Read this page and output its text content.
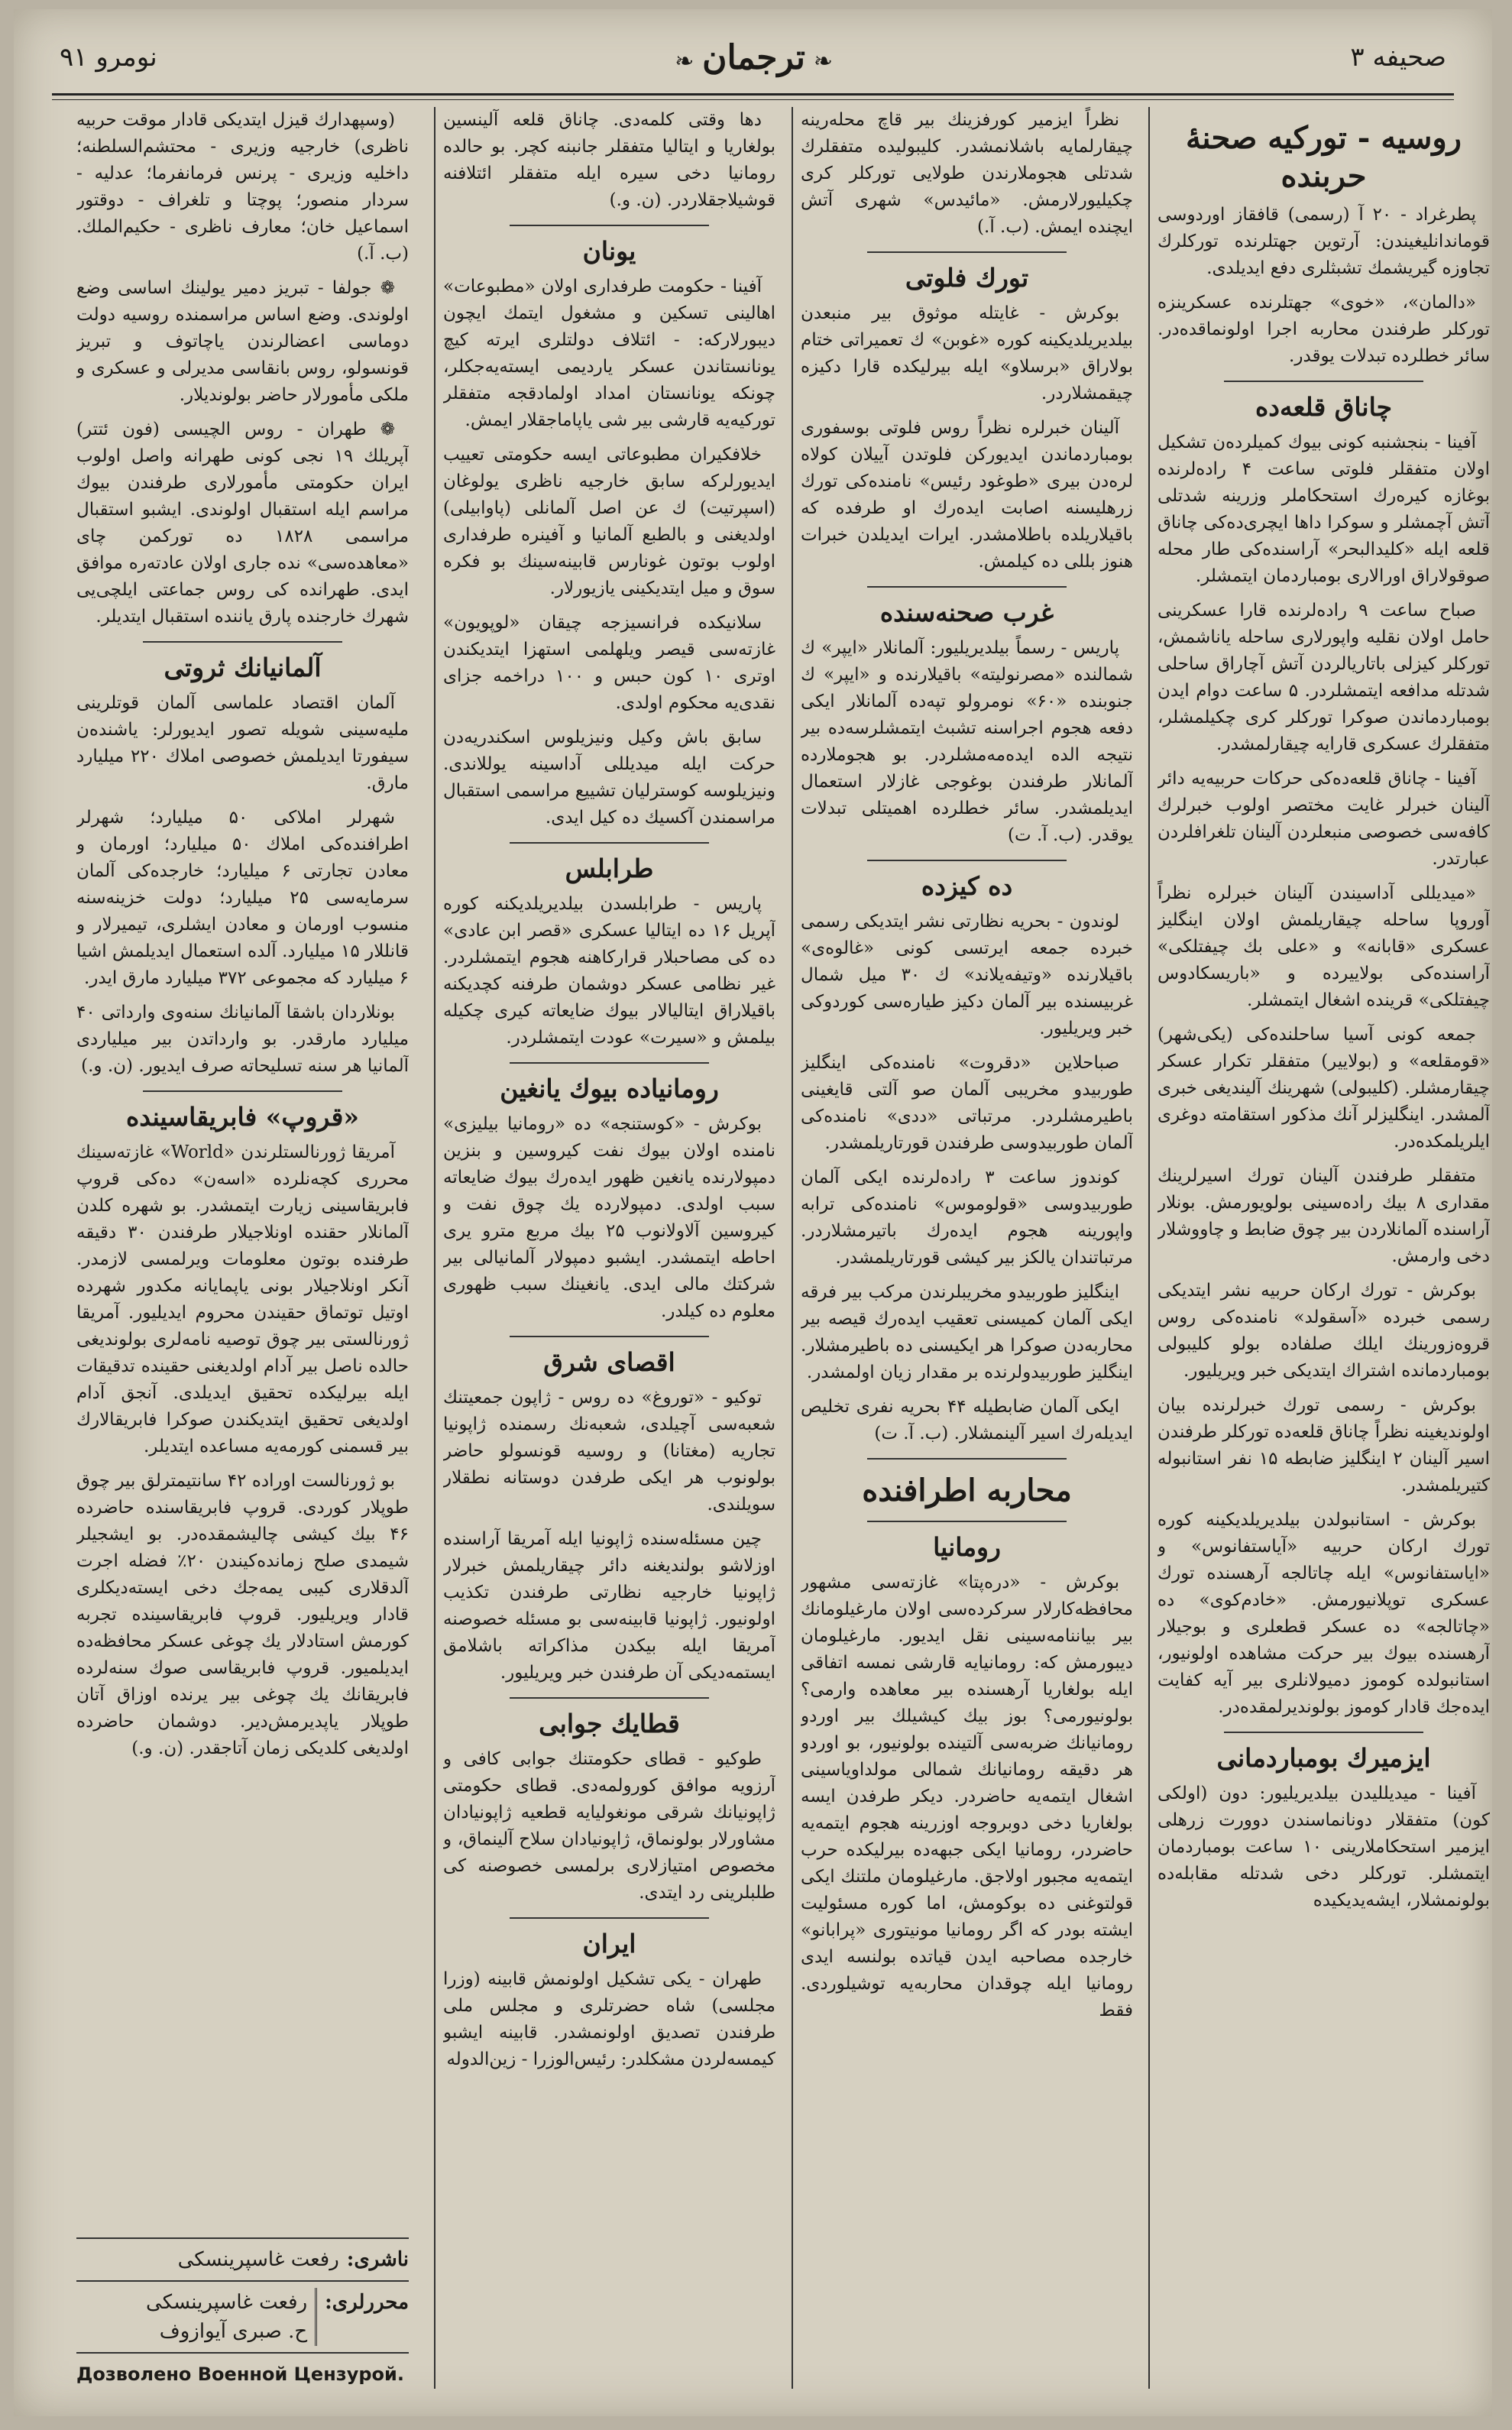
نومرو ۹۱	❧ ترجمان ❧	صحیفه ۳
روسیه - تورکیه صحنه‌ٔ حربنده

پطرغراد - ۲۰ آ (رسمی) قافقاز اوردوسی قوماندانلیغیندن: آرتوین جهتلرنده تورکلرك تجاوزه گیریشمك تشبثلری دفع ایدیلدی.

«دالمان»، «خوی» جهتلرنده عسکرینزه تورکلر طرفندن محاربه اجرا اولونماقده‌در. سائر خطلرده تبدلات یوقدر.

چاناق قلعه‌ده

آفینا - بنجشنبه کونی بیوك کمیلرده‌ن تشکیل اولان متفقلر فلوتی ساعت ۴ راده‌لرنده بوغازه کیره‌رك استحکاملر وزرینه شدتلی آتش آچمشلر و سوکرا داها ایچری‌ده‌کی چاناق قلعه ایله «کلیدالبحر» آراسنده‌کی طار محله صوقولاراق اورالاری بومباردمان ایتمشلر.

صباح ساعت ۹ راده‌لرنده قارا عسکرینی حامل اولان نقلیه واپورلاری ساحله یاناشمش، تورکلر کیزلی باتاریالردن آتش آچاراق ساحلی شدتله مدافعه ایتمشلردر. ۵ ساعت دوام ایدن بومباردماندن صوکرا تورکلر کری چکیلمشلر، متفقلرك عسکری قارایه چیقارلمشدر.

آفینا - چاناق قلعه‌ده‌کی حرکات حربیه‌یه دائر آلینان خبرلر غایت مختصر اولوب خبرلرك کافه‌سی خصوصی منبعلردن آلینان تلغرافلردن عبارتدر.

«میدیللی آداسیندن آلینان خبرلره نظراً آوروپا ساحله چیقاریلمش اولان اینگلیز عسکری «قابانه» و «علی بك چیفتلکی» آراسنده‌کی بولاییرده و «باریسکادوس چیفتلکی» قرینده اشغال ایتمشلر.

جمعه کونی آسیا ساحلنده‌کی (یکی‌شهر) «قومقلعه» و (بولاییر) متفقلر تکرار عسکر چیقارمشلر. (کلیبولی) شهرینك آلیندیغی خبری آلمشدر. اینگلیزلر آنك مذکور استقامته دوغری ایلریلمکده‌در.

متفقلر طرفندن آلینان تورك اسیرلرینك مقداری ۸ بیك راده‌سینی بولویورمش. بونلار آراسنده آلمانلاردن بیر چوق ضابط و چاووشلار دخی وارمش.

بوکرش - تورك ارکان حربیه نشر ایتدیکی رسمی خبرده «آسقولد» نامنده‌کی روس قروه‌زورینك ایلك صلفاده بولو کلیبولی بومباردمانده اشتراك ایتدیکی خبر ویریلیور.

بوکرش - رسمی تورك خبرلرنده بیان اولوندیغینه نظراً چاناق قلعه‌ده تورکلر طرفندن اسیر آلینان ۲ اینگلیز ضابطه ۱۵ نفر استانبوله کتیریلمشدر.

بوکرش - استانبولدن بیلدیریلدیکینه کوره تورك ارکان حربیه «آیاستفانوس» و «ایاستفانوس» ایله چاتالجه آرهسنده تورك عسکری توپلانیورمش. «خادم‌کوی» ده «چاتالجه» ده عسکر قطعلری و بوجیلار آرهسنده بیوك بیر حرکت مشاهده اولونیور، استانبولده کوموز دمیولانلری بیر آیه کفایت ایده‌جك قادار کوموز بولوندیرلمقده‌در.

ایزمیرك بومباردمانی

آفینا - میدیللیدن بیلدیریلیور: دون (اولکی کون) متفقلار دونانماسندن دوورت زرهلی ایزمیر استحکاملارینی ۱۰ ساعت بومباردمان ایتمشلر. تورکلر دخی شدتله مقابله‌ده بولونمشلار، ایشه‌یدیکیده

نظراً ایزمیر کورفزینك بیر قاچ محله‌رینه چیقارلمایه باشلانمشدر. کلیبولیده متفقلرك شدتلی هجوملارندن طولایی تورکلر کری چکیلیورلارمش. «مائیدس» شهری آتش ایچنده ایمش. (ب. آ.)

تورك فلوتی

بوکرش - غایتله موثوق بیر منبعدن بیلدیریلدیکینه کوره «غوبن» ك تعمیراتی ختام بولاراق «برسلاو» ایله بیرلیکده قارا دکیزه چیقمشلاردر.

آلینان خبرلره نظراً روس فلوتی بوسفوری بومباردماندن ایدیورکن فلوتدن آییلان کولاه لره‌دن بیری «طوغود رئیس» نامنده‌کی تورك زرهلیسنه اصابت ایده‌رك او طرفده که باقیلاریلده باطلامشدر. ایرات ایدیلدن خبرات هنوز بللی ده کیلمش.

غرب صحنه‌سنده

پاریس - رسماً بیلدیریلیور: آلمانلار «ایپر» ك شمالنده «مصرنولیته» باقیلارنده و «ایپر» ك جنوبنده «۶۰» نومرولو تپه‌ده آلمانلار ایکی دفعه هجوم اجراسنه تشبث ایتمشلرسه‌ده بیر نتیجه الده ایده‌مه‌مشلردر. بو هجوملارده آلمانلار طرفندن بوغوجی غازلار استعمال ایدیلمشدر. سائر خطلرده اهمیتلی تبدلات یوقدر. (ب. آ. ت)

ده کیزده

لوندون - بحریه نظارتی نشر ایتدیکی رسمی خبرده جمعه ایرتسی کونی «غالوه‌ی» باقیلارنده «وتیفه‌یلاند» ك ۳۰ میل شمال غربیسنده بیر آلمان دکیز طیاره‌سی کوردوکی خبر ویریلیور.

صباحلاین «دقروت» نامنده‌کی اینگلیز طوربیدو مخریبی آلمان صو آلتی قایغینی باطیرمشلردر. مرتباتی «ددی» نامنده‌کی آلمان طوربیدوسی طرفندن قورتاریلمشدر.

کوندوز ساعت ۳ راده‌لرنده ایکی آلمان طوربیدوسی «قولوموس» نامنده‌کی ترابه واپورینه هجوم ایده‌رك باتیرمشلاردر. مرتباتندان یالکز بیر کیشی قورتاریلمشدر.

اینگلیز طوربیدو مخریبلرندن مرکب بیر فرقه ایکی آلمان کمیسنی تعقیب ایده‌رك قیصه بیر محاربه‌دن صوکرا هر ایکیسنی ده باطیرمشلار. اینگلیز طوربیدولرنده بر مقدار زیان اولمشدر.

ایکی آلمان ضابطیله ۴۴ بحریه نفری تخلیص ایدیله‌رك اسیر آلینمشلار. (ب. آ. ت)

محاربه اطرافنده
رومانیا

بوکرش - «دره‌پتا» غازته‌سی مشهور محافظه‌کارلار سرکرده‌سی اولان مارغیلومانك بیر بیاننامه‌سینی نقل ایدیور. مارغیلومان دیبورمش که: رومانیایه قارشی نمسه اتفاقی ایله بولغاریا آرهسنده بیر معاهده وارمی؟ بولونیورمی؟ بوز بیك کیشیلك بیر اوردو رومانیانك ضربه‌سی آلتینده بولونیور، بو اوردو هر دقیقه رومانیانك شمالی مولداویاسینی اشغال ایتمه‌یه حاضردر. دیکر طرفدن ایسه بولغاریا دخی دوبروجه اوزرینه هجوم ایتمه‌یه حاضردر، رومانیا ایکی جبهه‌ده بیرلیکده حرب ایتمه‌یه مجبور اولاجق. مارغیلومان ملتنك ایکی قولتوغنی ده بوکومش، اما کوره مسئولیت ایشته بودر که اگر رومانیا مونیتوری «پرابانو» خارجده مصاحبه ایدن قیاتده بولنسه ایدی رومانیا ایله چوقدان محاربه‌یه توشیلوردی. فقط

دها وقتی کلمه‌دی. چاناق قلعه آلینسین بولغاریا و ایتالیا متفقلر جانبنه کچر. بو حالده رومانیا دخی سیره ایله متفقلر ائتلافنه قوشیلاجقلاردر. (ن. و.)

یونان

آفینا - حکومت طرفداری اولان «مطبوعات» اهالینی تسکین و مشغول ایتمك ایچون دیبورلارکه: - ائتلاف دولتلری ایرته کیچ یونانستاندن عسکر یاردیمی ایسته‌یه‌جکلر، چونکه یونانستان امداد اولمادقجه متفقلر تورکیه‌یه قارشی بیر شی یاپاماجقلار ایمش.

خلافکیران مطبوعاتی ایسه حکومتی تعییب ایدیورلرکه سابق خارجیه ناظری یولوغان (اسپرتیت) ك عن اصل آلمانلی (پاوابیلی) اولدیغنی و بالطبع آلمانیا و آفینره طرفداری اولوب بوتون غونارس قابینه‌سینك بو فکره سوق و میل ایتدیکینی یازیورلار.

سلانیکده فرانسیزجه چیقان «لوپویون» غازته‌سی قیصر ویلهلمی استهزا ایتدیکندن اوتری ۱۰ کون حبس و ۱۰۰ دراخمه جزای نقدی‌یه محکوم اولدی.

سابق باش وکیل ونیزیلوس اسکندریه‌دن حرکت ایله میدیللی آداسینه یوللاندی. ونیزیلوسه کوسترلیان تشییع مراسمی استقبال مراسمندن آکسیك ده کیل ایدی.

طرابلس

پاریس - طرابلسدن بیلدیریلدیکنه کوره آپریل ۱۶ ده ایتالیا عسکری «قصر ابن عادی» ده کی مصاحبلار قرارکاهنه هجوم ایتمشلردر. غیر نظامی عسکر دوشمان طرفنه کچدیکنه باقیلاراق ایتالیالار بیوك ضایعاته کیری چکیله بیلمش و «سیرت» عودت ایتمشلردر.

رومانیاده بیوك یانغین

بوکرش - «کوستنجه» ده «رومانیا بیلیزی» نامنده اولان بیوك نفت کیروسین و بنزین دمپولارنده یانغین ظهور ایده‌رك بیوك ضایعاته سبب اولدی. دمپولارده یك چوق نفت و کیروسین آلاولانوب ۲۵ بیك مربع مترو یری احاطه ایتمشدر. ایشبو دمپولار آلمانیالی بیر شرکتك مالی ایدی. یانغینك سبب ظهوری معلوم ده کیلدر.

اقصای شرق

توکیو - «توروغ» ده روس - ژاپون جمعیتنك شعبه‌سی آچیلدی، شعبه‌نك رسمنده ژاپونیا تجاریه (مغتانا) و روسیه قونسولو حاضر بولونوب هر ایکی طرفدن دوستانه نطقلار سویلندی.

چین مسئله‌سنده ژاپونیا ایله آمریقا آراسنده اوزلاشو بولندیغنه دائر چیقاریلمش خبرلار ژاپونیا خارجیه نظارتی طرفندن تکذیب اولونیور. ژاپونیا قابینه‌سی بو مسئله خصوصنه آمریقا ایله بیکدن مذاکراته باشلامق ایستمه‌دیکی آن طرفندن خبر ویریلیور.

قطایك جوابی

طوکیو - قطای حکومتنك جوابی کافی و آرزویه موافق کورولمه‌دی. قطای حکومتی ژاپونیانك شرقی مونغولیایه قطعیه ژاپونیادان مشاورلار بولونماق، ژاپونیادان سلاح آلینماق، و مخصوص امتیازلاری برلمسی خصوصنه کی طلبلرینی رد ایتدی.

ایران

طهران - یکی تشکیل اولونمش قابینه (وزرا مجلسی) شاه حضرتلری و مجلس ملی طرفندن تصدیق اولونمشدر. قابینه ایشبو کیمسه‌لردن مشکلدر: رئیس‌الوزرا - زین‌الدوله

(وسپهدارك قیزل ایتدیکی قادار موقت حربیه ناظری) خارجیه وزیری - محتشم‌السلطنه؛ داخلیه وزیری - پرنس فرمانفرما؛ عدلیه - سردار منصور؛ پوچتا و تلغراف - دوقتور اسماعیل خان؛ معارف ناظری - حکیم‌الملك. (ب. آ.)

❁ جولفا - تبریز دمیر یولینك اساسی وضع اولوندی. وضع اساس مراسمنده روسیه دولت دوماسی اعضالرندن یاچاتوف و تبریز قونسولو، روس بانقاسی مدیرلی و عسکری و ملکی مأمورلار حاضر بولوندیلار.

❁ طهران - روس الچیسی (فون ئتتر) آپریلك ۱۹ نجی کونی طهرانه واصل اولوب ایران حکومتی مأمورلاری طرفندن بیوك مراسم ایله استقبال اولوندی. ایشبو استقبال مراسمی ۱۸۲۸ ده تورکمن چای «معاهده‌سی» نده جاری اولان عادته‌ره موافق ایدی. طهرانده کی روس جماعتی ایلچی‌یی شهرك خارجنده پارق یاننده استقبال ایتدیلر.

آلمانیانك ثروتی

آلمان اقتصاد علماسی آلمان قوتلرینی ملیه‌سینی شویله تصور ایدیورلر: ياشنده‌ن سیفورتا ایدیلمش خصوصی املاك ۲۲۰ میلیارد مارق.

شهرلر املاکی ۵۰ میلیارد؛ شهرلر اطرافنده‌کی املاك ۵۰ میلیارد؛ اورمان و معادن تجارتی ۶ میلیارد؛ خارجده‌کی آلمان سرمایه‌سی ۲۵ میلیارد؛ دولت خزینه‌سنه منسوب اورمان و معادن ایشلری، تیمیرلار و قانللار ۱۵ میلیارد. آلده استعمال ایدیلمش اشیا ۶ میلیارد که مجموعی ۳۷۲ میلیارد مارق ایدر.

بونلاردان باشقا آلمانیانك سنه‌وی وارداتی ۴۰ میلیارد مارقدر. بو وارداتدن بیر میلیاردی آلمانیا هر سنه تسلیحاته صرف ایدیور. (ن. و.)

«قروپ» فابریقاسینده

آمریقا ژورنالستلرندن «World» غازته‌سینك محرری کچه‌نلرده «اسه‌ن» ده‌کی قروپ فابریقاسینی زیارت ایتمشدر. بو شهره کلدن آلمانلار حقنده اونلاجیلار طرفندن ۳۰ دقیقه طرفنده بوتون معلومات ویرلمسی لازمدر. آنکر اونلاجیلار بونی یاپمایانه مکدور شهرده اوتیل توتماق حقیندن محروم ایدیلیور. آمریقا ژورنالستی بیر چوق توصیه نامه‌لری بولوندیغی حالده ناصل بیر آدام اولدیغنی حقینده تدقیقات ایله بیرلیکده تحقیق ایدیلدی. آنجق آدام اولدیغی تحقیق ایتدیکندن صوکرا فابریقالارك بیر قسمنی کورمه‌یه مساعده ایتدیلر.

بو ژورنالست اوراده ۴۲ سانتیمترلق بیر چوق طوپلار کوردی. قروپ فابریقاسنده حاضرده ۴۶ بیك کیشی چالیشمقده‌در. بو ایشجیلر شیمدی صلح زمانده‌کیندن ۲۰٪ فضله اجرت آلدقلاری کیبی یمه‌جك دخی ایسته‌دیکلری قادار ویریلیور. قروپ فابریقاسینده تجربه کورمش استادلار یك چوغی عسکر محافظه‌ده ایدیلمیور. قروپ فابریقاسی صوك سنه‌لرده فابریقانك یك چوغی بیر یرنده اوزاق آتان طوپلار یاپدیرمش‌دیر. دوشمان حاضرده اولدیغی کلدیکی زمان آتاجقدر. (ن. و.)

ناشری:
رفعت غاسپرینسکی
محررلری:
رفعت غاسپرینسکی
ح. صبری آیوازوف
Дозволено Военной Цензурой.
